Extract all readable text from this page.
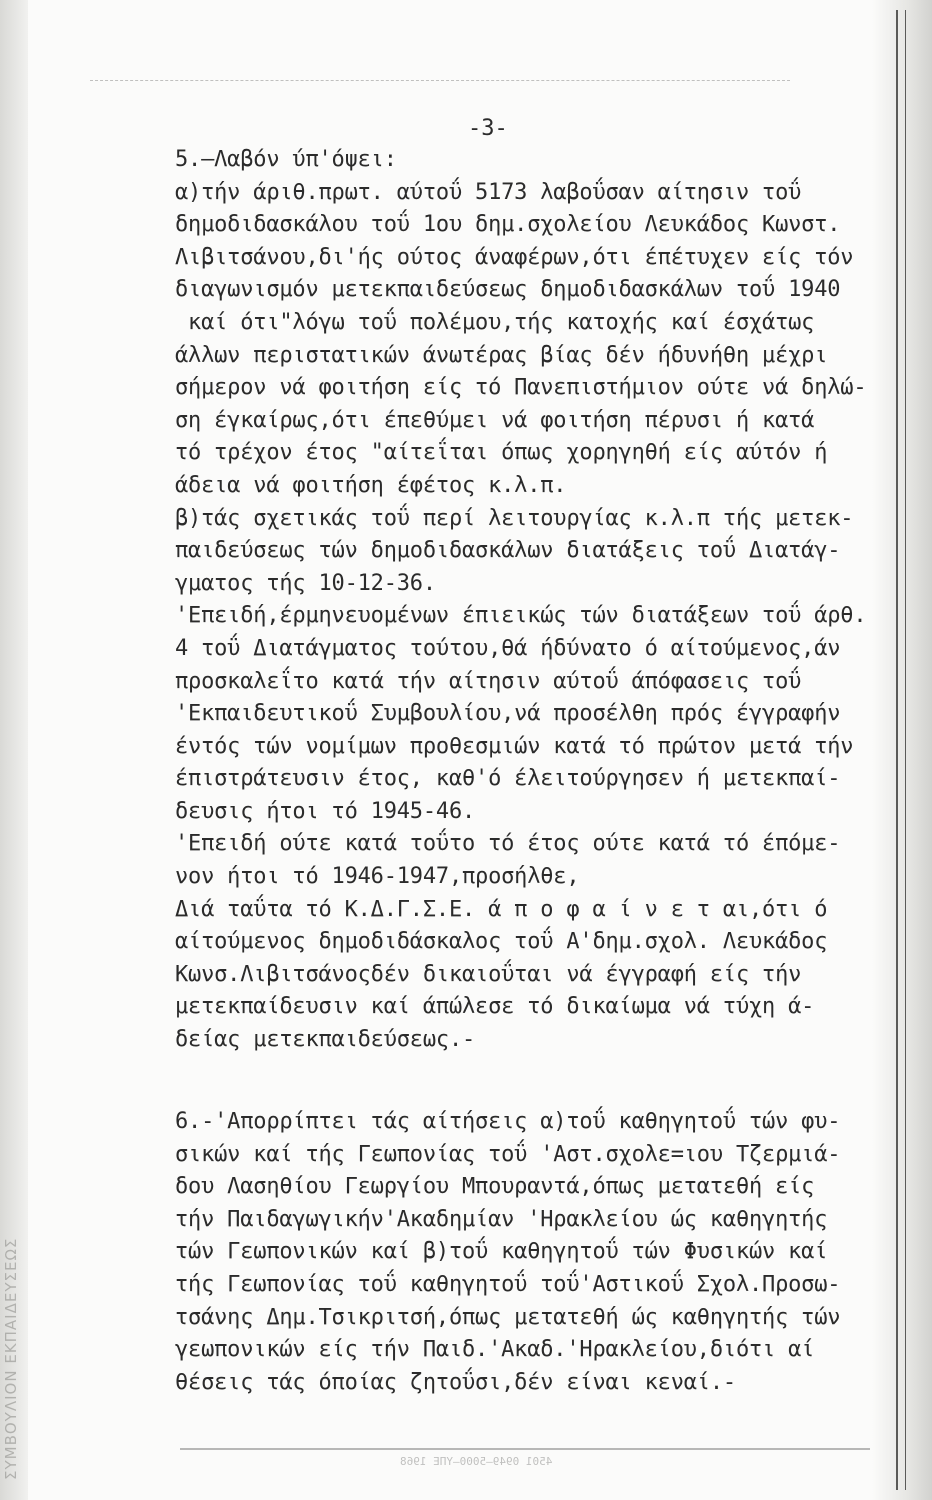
ΣΥΜΒΟΥΛΙΟΝ ΕΚΠΑΙΔΕΥΣΕΩΣ
-3-
5.—Λαβόν ύπ'όψει:
α)τήν άριθ.πρωτ. αύτοΰ 5173 λαβοΰσαν αίτησιν τοΰ
δημοδιδασκάλου τοΰ 1ου δημ.σχολείου Λευκάδος Κωνστ.
Λιβιτσάνου,δι'ής ούτος άναφέρων,ότι έπέτυχεν είς τόν
διαγωνισμόν μετεκπαιδεύσεως δημοδιδασκάλων τοΰ 1940
καί ότι"λόγω τοΰ πολέμου,τής κατοχής καί έσχάτως
άλλων περιστατικών άνωτέρας βίας δέν ήδυνήθη μέχρι
σήμερον νά φοιτήση είς τό Πανεπιστήμιον ούτε νά δηλώ-
ση έγκαίρως,ότι έπεθύμει νά φοιτήση πέρυσι ή κατά
τό τρέχον έτος "αίτεΐται όπως χορηγηθή είς αύτόν ή
άδεια νά φοιτήση έφέτος κ.λ.π.
β)τάς σχετικάς τοΰ περί λειτουργίας κ.λ.π τής μετεκ-
παιδεύσεως τών δημοδιδασκάλων διατάξεις τοΰ Διατάγ-
γματος τής 10-12-36.
'Επειδή,έρμηνευομένων έπιεικώς τών διατάξεων τοΰ άρθ.
4 τοΰ Διατάγματος τούτου,θά ήδύνατο ό αίτούμενος,άν
προσκαλεΐτο κατά τήν αίτησιν αύτοΰ άπόφασεις τοΰ
'Εκπαιδευτικοΰ Συμβουλίου,νά προσέλθη πρός έγγραφήν
έντός τών νομίμων προθεσμιών κατά τό πρώτον μετά τήν
έπιστράτευσιν έτος, καθ'ό έλειτούργησεν ή μετεκπαί-
δευσις ήτοι τό 1945-46.
'Επειδή ούτε κατά τοΰτο τό έτος ούτε κατά τό έπόμε-
νον ήτοι τό 1946-1947,προσήλθε,
Διά ταΰτα τό Κ.Δ.Γ.Σ.Ε. ά π ο φ α ί ν ε τ αι,ότι ό
αίτούμενος δημοδιδάσκαλος τοΰ Α'δημ.σχολ. Λευκάδος
Κωνσ.Λιβιτσάνοςδέν δικαιοΰται νά έγγραφή είς τήν
μετεκπαίδευσιν καί άπώλεσε τό δικαίωμα νά τύχη ά-
δείας μετεκπαιδεύσεως.-
6.-'Απορρίπτει τάς αίτήσεις α)τοΰ καθηγητοΰ τών φυ-
σικών καί τής Γεωπονίας τοΰ 'Αστ.σχολε=ιου Τζερμιά-
δου Λασηθίου Γεωργίου Μπουραντά,όπως μετατεθή είς
τήν Παιδαγωγικήν'Ακαδημίαν 'Ηρακλείου ώς καθηγητής
τών Γεωπονικών καί β)τοΰ καθηγητοΰ τών Φυσικών καί
τής Γεωπονίας τοΰ καθηγητοΰ τοΰ'Αστικοΰ Σχολ.Προσω-
τσάνης Δημ.Τσικριτσή,όπως μετατεθή ώς καθηγητής τών
γεωπονικών είς τήν Παιδ.'Ακαδ.'Ηρακλείου,διότι αί
θέσεις τάς όποίας ζητοΰσι,δέν είναι κεναί.-
4501 0949—5000—ΥΠΕ 1968
